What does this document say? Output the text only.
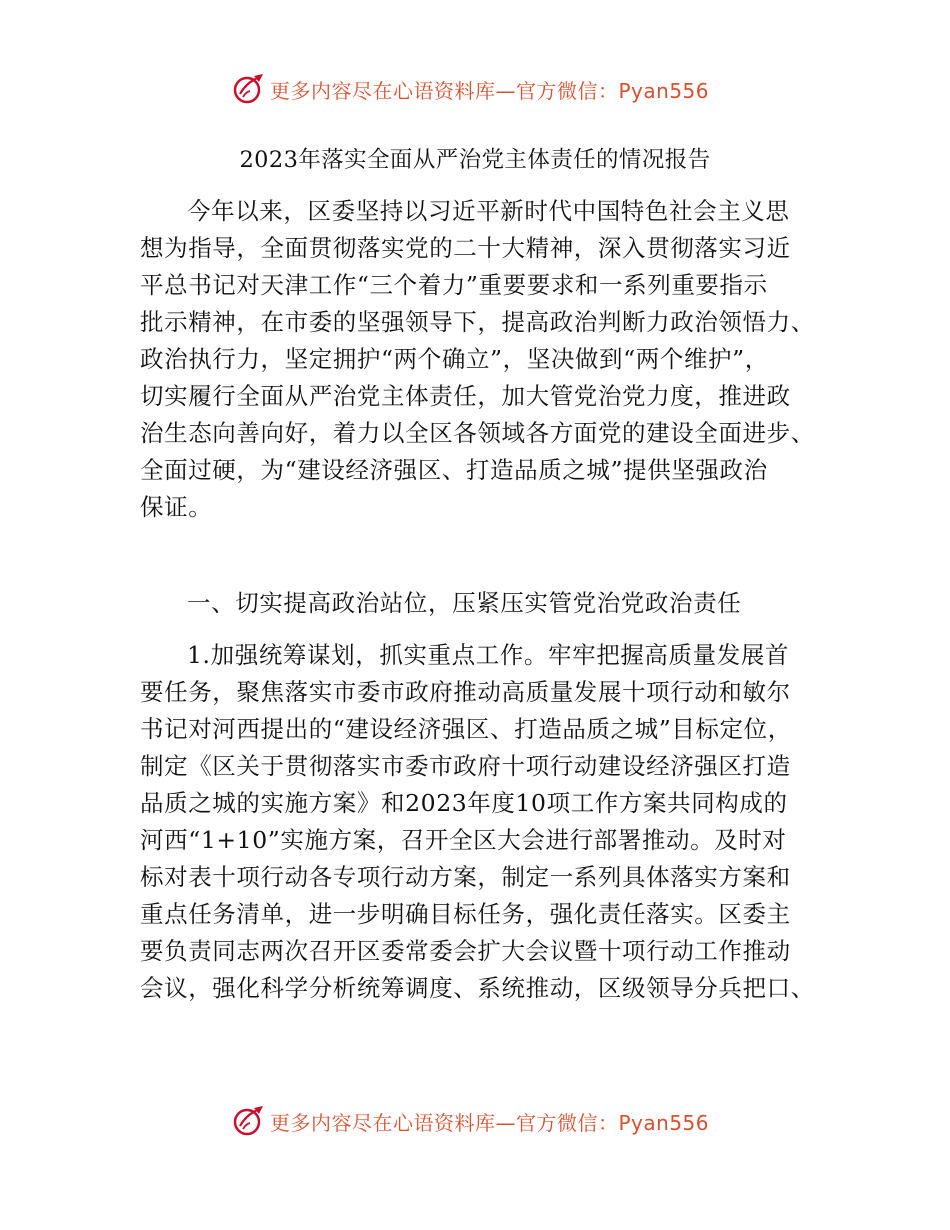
更多内容尽在心语资料库—官方微信：Pyan556
2023年落实全面从严治党主体责任的情况报告
今年以来，区委坚持以习近平新时代中国特色社会主义思
想为指导，全面贯彻落实党的二十大精神，深入贯彻落实习近
平总书记对天津工作“三个着力”重要要求和一系列重要指示
批示精神，在市委的坚强领导下，提高政治判断力政治领悟力、
政治执行力，坚定拥护“两个确立”，坚决做到“两个维护”，
切实履行全面从严治党主体责任，加大管党治党力度，推进政
治生态向善向好，着力以全区各领域各方面党的建设全面进步、
全面过硬，为“建设经济强区、打造品质之城”提供坚强政治
保证。
一、切实提高政治站位，压紧压实管党治党政治责任
1.加强统筹谋划，抓实重点工作。牢牢把握高质量发展首
要任务，聚焦落实市委市政府推动高质量发展十项行动和敏尔
书记对河西提出的“建设经济强区、打造品质之城”目标定位，
制定《区关于贯彻落实市委市政府十项行动建设经济强区打造
品质之城的实施方案》和2023年度10项工作方案共同构成的
河西“1+10”实施方案，召开全区大会进行部署推动。及时对
标对表十项行动各专项行动方案，制定一系列具体落实方案和
重点任务清单，进一步明确目标任务，强化责任落实。区委主
要负责同志两次召开区委常委会扩大会议暨十项行动工作推动
会议，强化科学分析统筹调度、系统推动，区级领导分兵把口、
更多内容尽在心语资料库—官方微信：Pyan556
